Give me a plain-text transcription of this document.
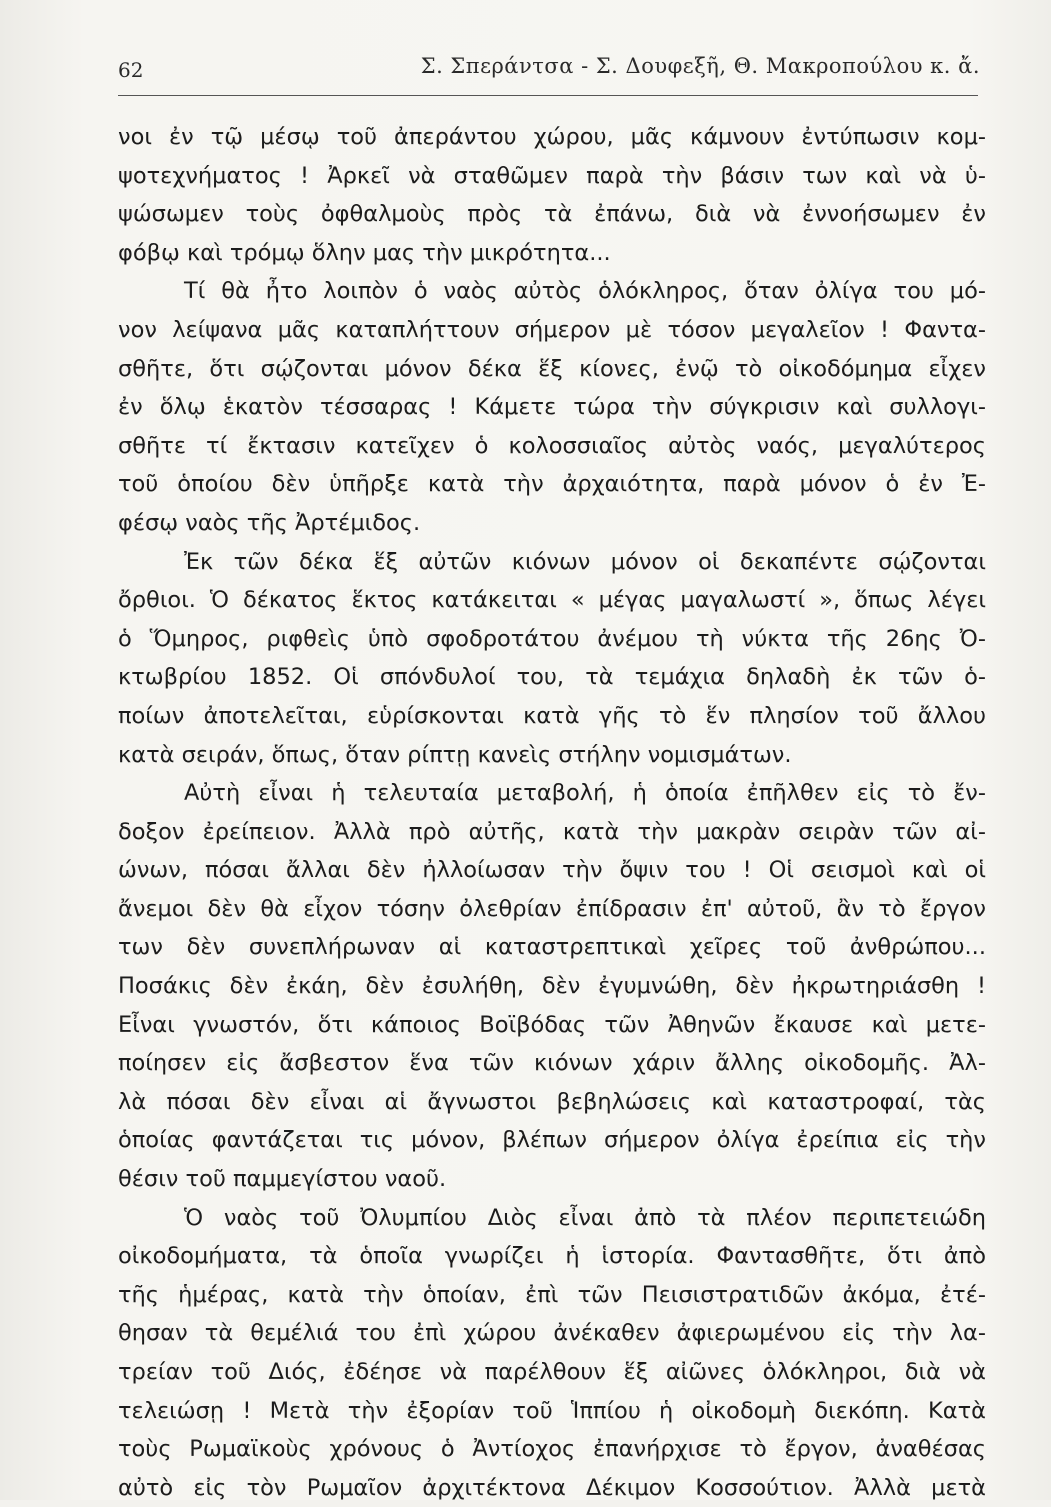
62	Σ. Σπεράντσα - Σ. Δουφεξῆ, Θ. Μακροπούλου κ. ἄ.
νοι ἐν τῷ μέσῳ τοῦ ἀπεράντου χώρου, μᾶς κάμνουν ἐντύπωσιν κομ-
ψοτεχνήματος ! Ἀρκεῖ νὰ σταθῶμεν παρὰ τὴν βάσιν των καὶ νὰ ὑ-
ψώσωμεν τοὺς ὀφθαλμοὺς πρὸς τὰ ἐπάνω, διὰ νὰ ἐννοήσωμεν ἐν
φόβῳ καὶ τρόμῳ ὅλην μας τὴν μικρότητα...
Τί θὰ ἦτο λοιπὸν ὁ ναὸς αὐτὸς ὁλόκληρος, ὅταν ὀλίγα του μό-
νον λείψανα μᾶς καταπλήττουν σήμερον μὲ τόσον μεγαλεῖον ! Φαντα-
σθῆτε, ὅτι σῴζονται μόνον δέκα ἕξ κίονες, ἐνῷ τὸ οἰκοδόμημα εἶχεν
ἐν ὅλῳ ἑκατὸν τέσσαρας ! Κάμετε τώρα τὴν σύγκρισιν καὶ συλλογι-
σθῆτε τί ἔκτασιν κατεῖχεν ὁ κολοσσιαῖος αὐτὸς ναός, μεγαλύτερος
τοῦ ὁποίου δὲν ὑπῆρξε κατὰ τὴν ἀρχαιότητα, παρὰ μόνον ὁ ἐν Ἐ-
φέσῳ ναὸς τῆς Ἀρτέμιδος.
Ἐκ τῶν δέκα ἕξ αὐτῶν κιόνων μόνον οἱ δεκαπέντε σῴζονται
ὄρθιοι. Ὁ δέκατος ἕκτος κατάκειται « μέγας μαγαλωστί », ὅπως λέγει
ὁ Ὅμηρος, ριφθεὶς ὑπὸ σφοδροτάτου ἀνέμου τὴ νύκτα τῆς 26ης Ὀ-
κτωβρίου 1852. Οἱ σπόνδυλοί του, τὰ τεμάχια δηλαδὴ ἐκ τῶν ὁ-
ποίων ἀποτελεῖται, εὑρίσκονται κατὰ γῆς τὸ ἕν πλησίον τοῦ ἄλλου
κατὰ σειράν, ὅπως, ὅταν ρίπτῃ κανεὶς στήλην νομισμάτων.
Αὐτὴ εἶναι ἡ τελευταία μεταβολή, ἡ ὁποία ἐπῆλθεν εἰς τὸ ἔν-
δοξον ἐρείπειον. Ἀλλὰ πρὸ αὐτῆς, κατὰ τὴν μακρὰν σειρὰν τῶν αἰ-
ώνων, πόσαι ἄλλαι δὲν ἠλλοίωσαν τὴν ὄψιν του ! Οἱ σεισμοὶ καὶ οἱ
ἄνεμοι δὲν θὰ εἶχον τόσην ὀλεθρίαν ἐπίδρασιν ἐπ' αὐτοῦ, ἂν τὸ ἔργον
των δὲν συνεπλήρωναν αἱ καταστρεπτικαὶ χεῖρες τοῦ ἀνθρώπου...
Ποσάκις δὲν ἐκάη, δὲν ἐσυλήθη, δὲν ἐγυμνώθη, δὲν ἠκρωτηριάσθη !
Εἶναι γνωστόν, ὅτι κάποιος Βοϊβόδας τῶν Ἀθηνῶν ἔκαυσε καὶ μετε-
ποίησεν εἰς ἄσβεστον ἕνα τῶν κιόνων χάριν ἄλλης οἰκοδομῆς. Ἀλ-
λὰ πόσαι δὲν εἶναι αἱ ἄγνωστοι βεβηλώσεις καὶ καταστροφαί, τὰς
ὁποίας φαντάζεται τις μόνον, βλέπων σήμερον ὀλίγα ἐρείπια εἰς τὴν
θέσιν τοῦ παμμεγίστου ναοῦ.
Ὁ ναὸς τοῦ Ὀλυμπίου Διὸς εἶναι ἀπὸ τὰ πλέον περιπετειώδη
οἰκοδομήματα, τὰ ὁποῖα γνωρίζει ἡ ἱστορία. Φαντασθῆτε, ὅτι ἀπὸ
τῆς ἡμέρας, κατὰ τὴν ὁποίαν, ἐπὶ τῶν Πεισιστρατιδῶν ἀκόμα, ἐτέ-
θησαν τὰ θεμέλιά του ἐπὶ χώρου ἀνέκαθεν ἀφιερωμένου εἰς τὴν λα-
τρείαν τοῦ Διός, ἐδέησε νὰ παρέλθουν ἕξ αἰῶνες ὁλόκληροι, διὰ νὰ
τελειώσῃ ! Μετὰ τὴν ἐξορίαν τοῦ Ἱππίου ἡ οἰκοδομὴ διεκόπη. Κατὰ
τοὺς Ρωμαϊκοὺς χρόνους ὁ Ἀντίοχος ἐπανήρχισε τὸ ἔργον, ἀναθέσας
αὐτὸ εἰς τὸν Ρωμαῖον ἀρχιτέκτονα Δέκιμον Κοσσούτιον. Ἀλλὰ μετὰ
